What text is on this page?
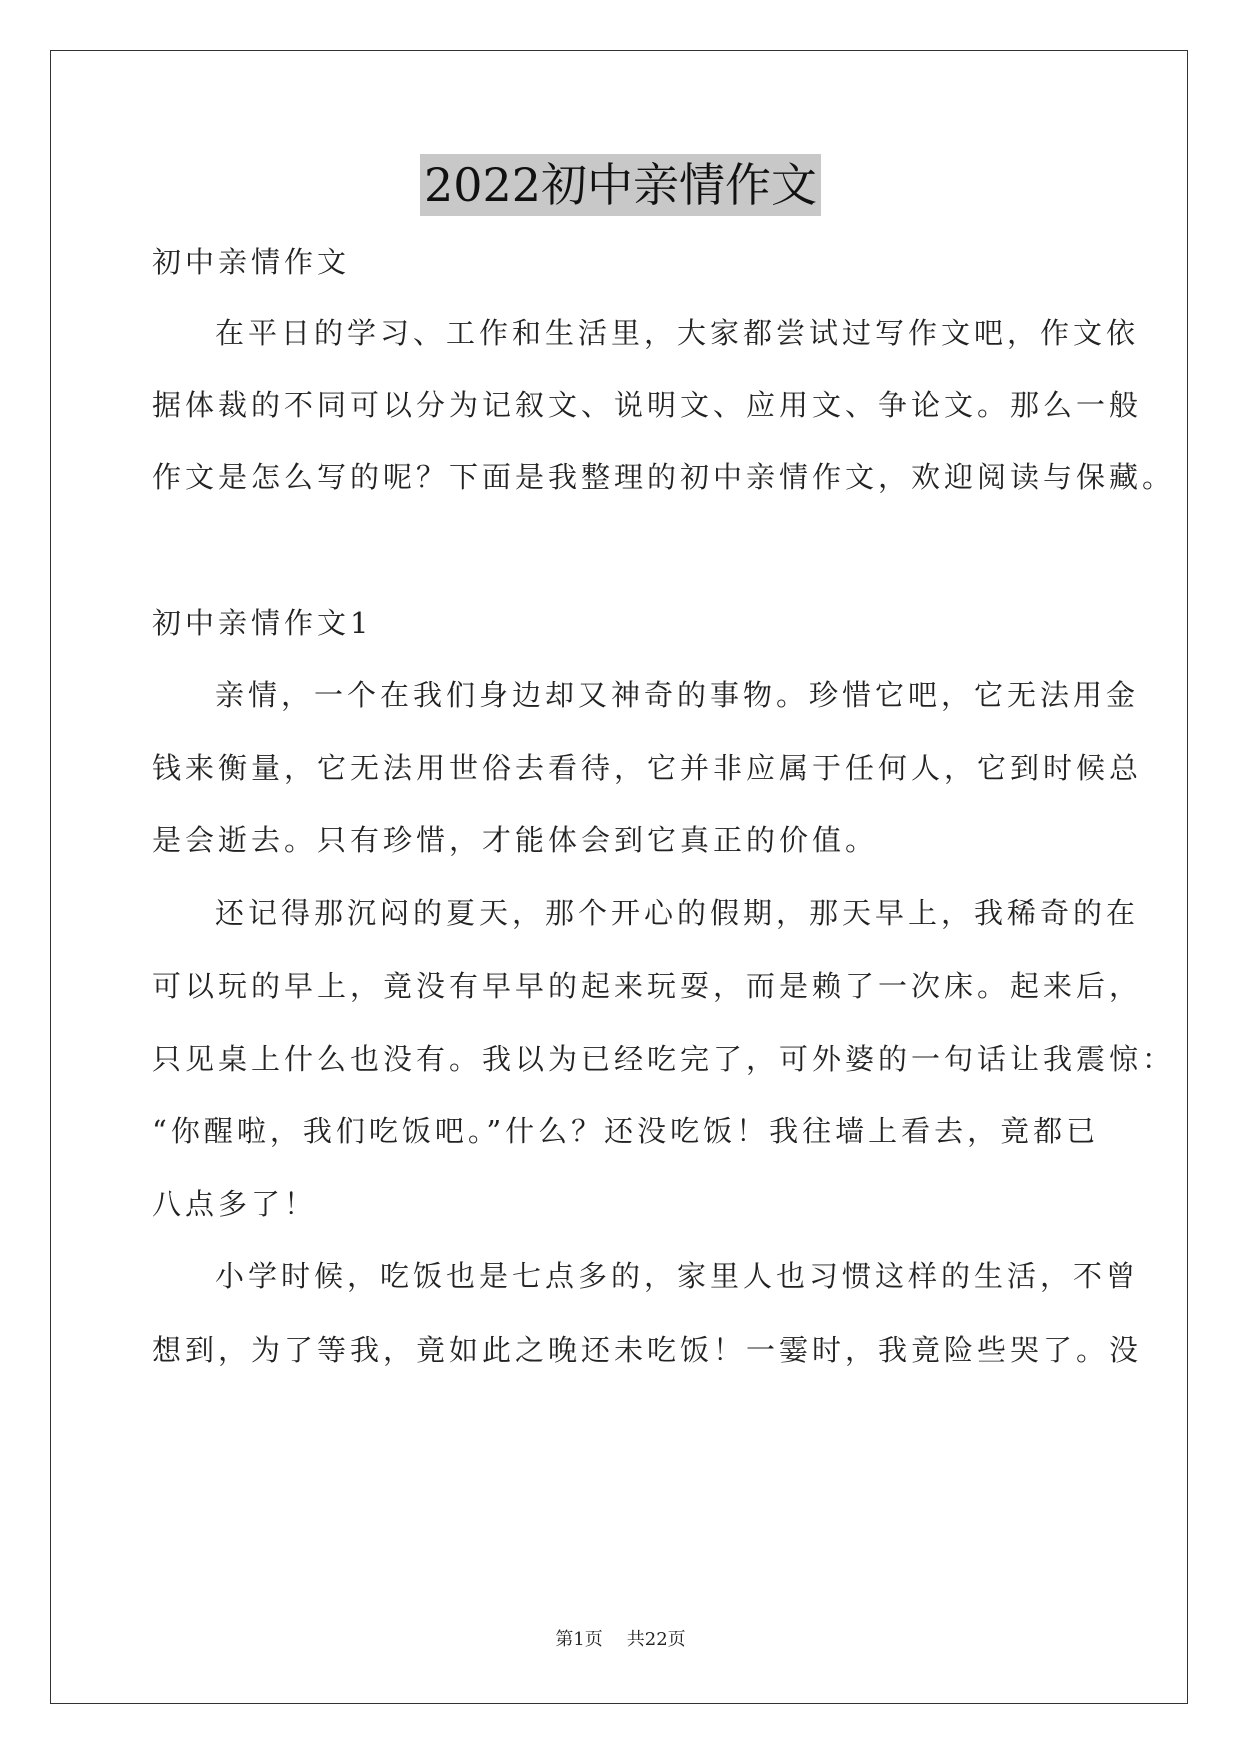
2022初中亲情作文
初中亲情作文
在平日的学习、工作和生活里，大家都尝试过写作文吧，作文依
据体裁的不同可以分为记叙文、说明文、应用文、争论文。那么一般
作文是怎么写的呢？下面是我整理的初中亲情作文，欢迎阅读与保藏。
初中亲情作文1
亲情，一个在我们身边却又神奇的事物。珍惜它吧，它无法用金
钱来衡量，它无法用世俗去看待，它并非应属于任何人，它到时候总
是会逝去。只有珍惜，才能体会到它真正的价值。
还记得那沉闷的夏天，那个开心的假期，那天早上，我稀奇的在
可以玩的早上，竟没有早早的起来玩耍，而是赖了一次床。起来后，
只见桌上什么也没有。我以为已经吃完了，可外婆的一句话让我震惊：
“你醒啦，我们吃饭吧。”什么？还没吃饭！我往墙上看去，竟都已
八点多了！
小学时候，吃饭也是七点多的，家里人也习惯这样的生活，不曾
想到，为了等我，竟如此之晚还未吃饭！一霎时，我竟险些哭了。没
第1页 共22页
